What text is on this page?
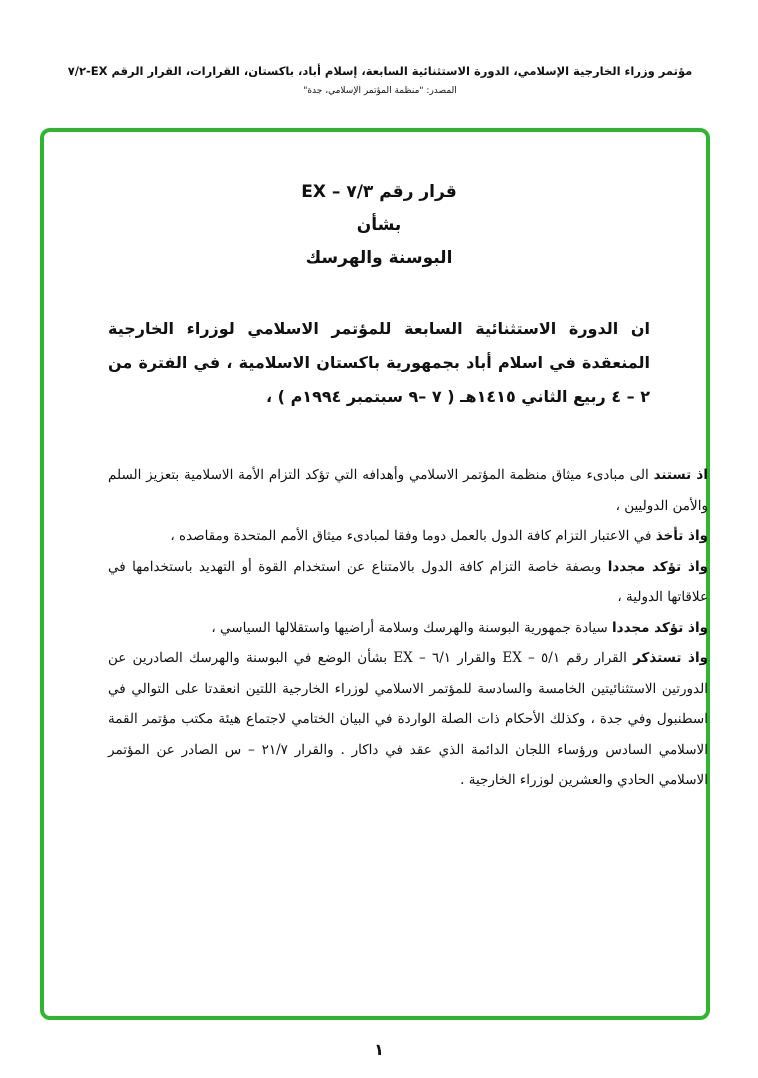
مؤتمر وزراء الخارجية الإسلامي، الدورة الاستثنائية السابعة، إسلام أباد، باكستان، القرارات، القرار الرقم EX-٧/٢
المصدر: "منظمة المؤتمر الإسلامي، جدة"
قرار رقم ٧/٣ – EX
بشأن
البوسنة والهرسك
ان الدورة الاستثنائية السابعة للمؤتمر الاسلامي لوزراء الخارجية المنعقدة في اسلام أباد بجمهورية باكستان الاسلامية ، في الفترة من ٢ – ٤ ربيع الثاني ١٤١٥هـ ( ٧ –٩ سبتمبر ١٩٩٤م ) ،

اذ تستند الى مبادىء ميثاق منظمة المؤتمر الاسلامي وأهدافه التي تؤكد التزام الأمة الاسلامية بتعزيز السلم والأمن الدوليين ،

واذ تأخذ في الاعتبار التزام كافة الدول بالعمل دوما وفقا لمبادىء ميثاق الأمم المتحدة ومقاصده ،

واذ تؤكد مجددا وبصفة خاصة التزام كافة الدول بالامتناع عن استخدام القوة أو التهديد باستخدامها في علاقاتها الدولية ،

واذ تؤكد مجددا سيادة جمهورية البوسنة والهرسك وسلامة أراضيها واستقلالها السياسي ،

واذ تستذكر القرار رقم ٥/١ – EX والقرار ٦/١ – EX بشأن الوضع في البوسنة والهرسك الصادرين عن الدورتين الاستثنائيتين الخامسة والسادسة للمؤتمر الاسلامي لوزراء الخارجية اللتين انعقدتا على التوالي في اسطنبول وفي جدة ، وكذلك الأحكام ذات الصلة الواردة في البيان الختامي لاجتماع هيئة مكتب مؤتمر القمة الاسلامي السادس ورؤساء اللجان الدائمة الذي عقد في داكار . والقرار ٢١/٧ – س الصادر عن المؤتمر الاسلامي الحادي والعشرين لوزراء الخارجية .

١
